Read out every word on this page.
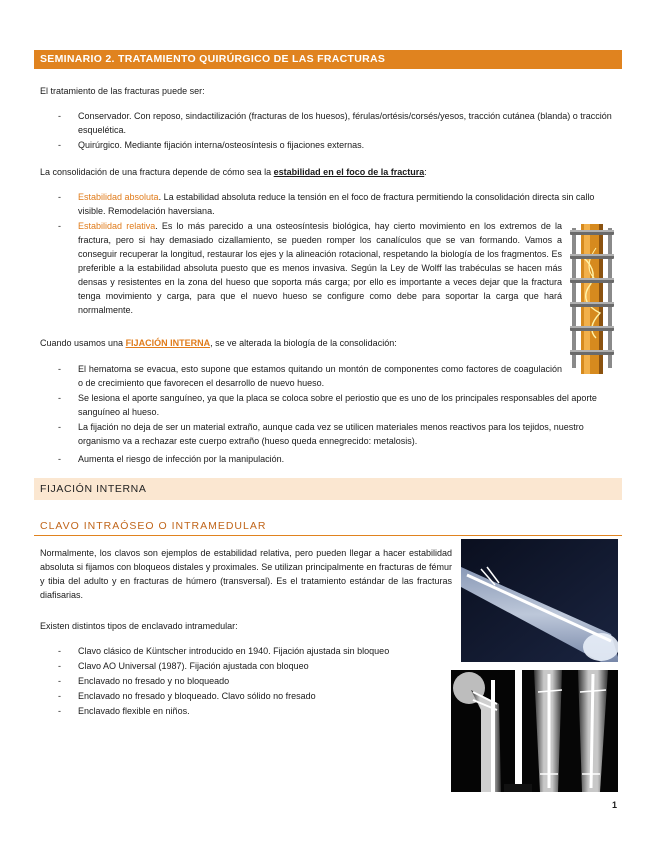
SEMINARIO 2. TRATAMIENTO QUIRÚRGICO DE LAS FRACTURAS
El tratamiento de las fracturas puede ser:
- Conservador. Con reposo, sindactilización (fracturas de los huesos), férulas/ortésis/corsés/yesos, tracción cutánea (blanda) o tracción esquelética.
- Quirúrgico. Mediante fijación interna/osteosíntesis o fijaciones externas.
La consolidación de una fractura depende de cómo sea la estabilidad en el foco de la fractura:
- Estabilidad absoluta. La estabilidad absoluta reduce la tensión en el foco de fractura permitiendo la consolidación directa sin callo visible. Remodelación haversiana.
- Estabilidad relativa. Es lo más parecido a una osteosíntesis biológica, hay cierto movimiento en los extremos de la fractura, pero si hay demasiado cizallamiento, se pueden romper los canalículos que se van formando. Vamos a conseguir recuperar la longitud, restaurar los ejes y la alineación rotacional, respetando la biología de los fragmentos. Es preferible a la estabilidad absoluta puesto que es menos invasiva. Según la Ley de Wolff las trabéculas se hacen más densas y resistentes en la zona del hueso que soporta más carga; por ello es importante a veces dejar que la fractura tenga movimiento y carga, para que el nuevo hueso se configure como debe para soportar la carga que hará normalmente.
Cuando usamos una FIJACIÓN INTERNA, se ve alterada la biología de la consolidación:
- El hematoma se evacua, esto supone que estamos quitando un montón de componentes como factores de coagulación o de crecimiento que favorecen el desarrollo de nuevo hueso.
- Se lesiona el aporte sanguíneo, ya que la placa se coloca sobre el periostio que es uno de los principales responsables del aporte sanguíneo al hueso.
- La fijación no deja de ser un material extraño, aunque cada vez se utilicen materiales menos reactivos para los tejidos, nuestro organismo va a rechazar este cuerpo extraño (hueso queda ennegrecido: metalosis).
- Aumenta el riesgo de infección por la manipulación.
FIJACIÓN INTERNA
CLAVO INTRAÓSEO O INTRAMEDULAR
Normalmente, los clavos son ejemplos de estabilidad relativa, pero pueden llegar a hacer estabilidad absoluta si fijamos con bloqueos distales y proximales. Se utilizan principalmente en fracturas de fémur y tibia del adulto y en fracturas de húmero (transversal). Es el tratamiento estándar de las fracturas diafisarias.
Existen distintos tipos de enclavado intramedular:
- Clavo clásico de Küntscher introducido en 1940. Fijación ajustada sin bloqueo
- Clavo AO Universal (1987). Fijación ajustada con bloqueo
- Enclavado no fresado y no bloqueado
- Enclavado no fresado y bloqueado. Clavo sólido no fresado
- Enclavado flexible en niños.
1
